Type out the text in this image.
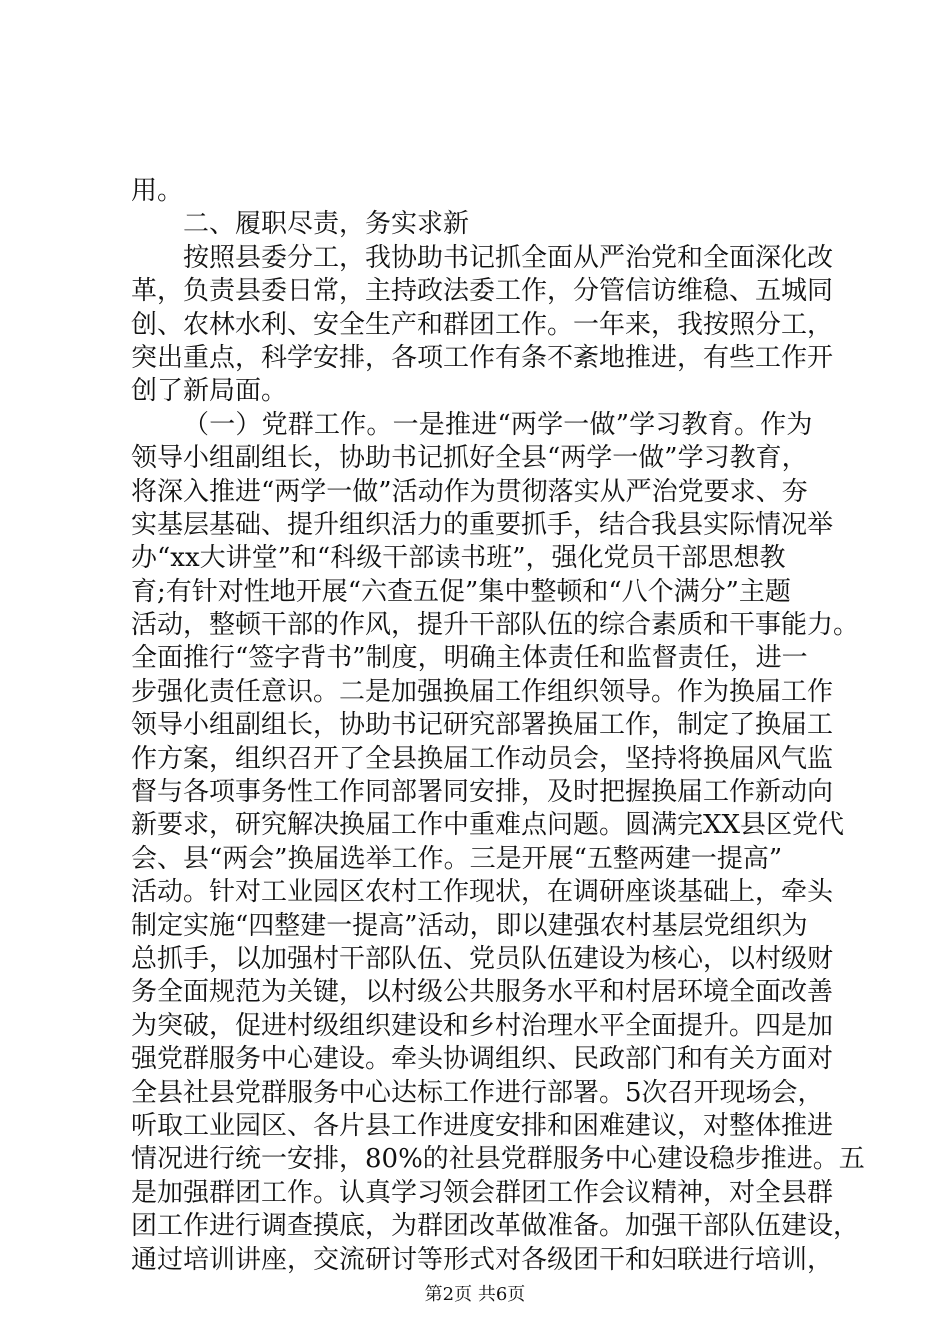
用。
二、履职尽责，务实求新
按照县委分工，我协助书记抓全面从严治党和全面深化改
革，负责县委日常，主持政法委工作，分管信访维稳、五城同
创、农林水利、安全生产和群团工作。一年来，我按照分工，
突出重点，科学安排，各项工作有条不紊地推进，有些工作开
创了新局面。
（一）党群工作。一是推进“两学一做”学习教育。作为
领导小组副组长，协助书记抓好全县“两学一做”学习教育，
将深入推进“两学一做”活动作为贯彻落实从严治党要求、夯
实基层基础、提升组织活力的重要抓手，结合我县实际情况举
办“xx大讲堂”和“科级干部读书班”，强化党员干部思想教
育;有针对性地开展“六查五促”集中整顿和“八个满分”主题
活动，整顿干部的作风，提升干部队伍的综合素质和干事能力。
全面推行“签字背书”制度，明确主体责任和监督责任，进一
步强化责任意识。二是加强换届工作组织领导。作为换届工作
领导小组副组长，协助书记研究部署换届工作，制定了换届工
作方案，组织召开了全县换届工作动员会，坚持将换届风气监
督与各项事务性工作同部署同安排，及时把握换届工作新动向
新要求，研究解决换届工作中重难点问题。圆满完XX县区党代
会、县“两会”换届选举工作。三是开展“五整两建一提高”
活动。针对工业园区农村工作现状，在调研座谈基础上，牵头
制定实施“四整建一提高”活动，即以建强农村基层党组织为
总抓手，以加强村干部队伍、党员队伍建设为核心，以村级财
务全面规范为关键，以村级公共服务水平和村居环境全面改善
为突破，促进村级组织建设和乡村治理水平全面提升。四是加
强党群服务中心建设。牵头协调组织、民政部门和有关方面对
全县社县党群服务中心达标工作进行部署。5次召开现场会，
听取工业园区、各片县工作进度安排和困难建议，对整体推进
情况进行统一安排，80%的社县党群服务中心建设稳步推进。五
是加强群团工作。认真学习领会群团工作会议精神，对全县群
团工作进行调查摸底，为群团改革做准备。加强干部队伍建设，
通过培训讲座，交流研讨等形式对各级团干和妇联进行培训，
第2页 共6页
